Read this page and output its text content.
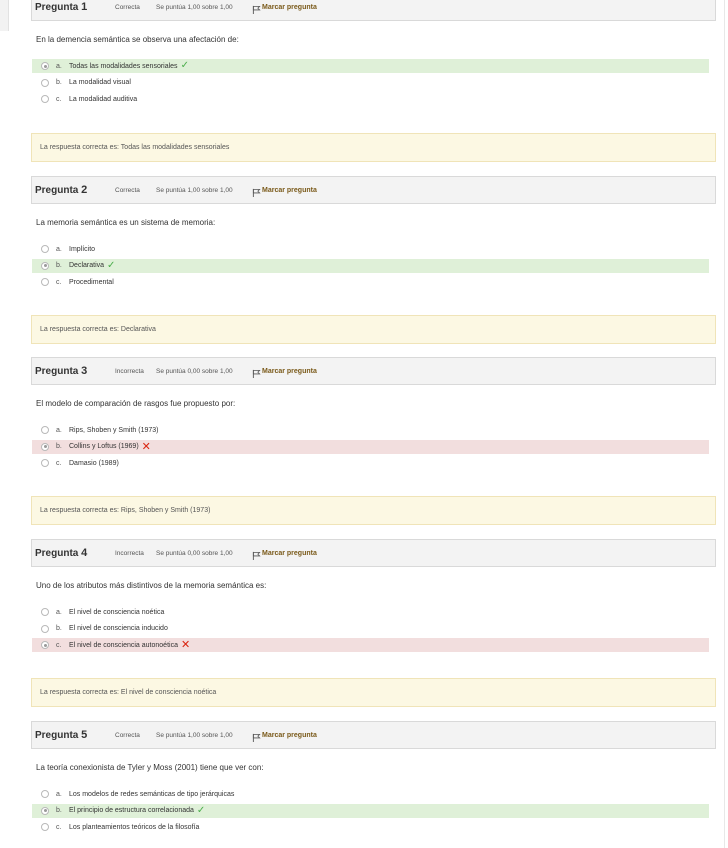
Pregunta 1	Correcta	Se puntúa 1,00 sobre 1,00	Marcar pregunta
En la demencia semántica se observa una afectación de:
a.	Todas las modalidades sensoriales ✓
b.	La modalidad visual
c.	La modalidad auditiva
La respuesta correcta es: Todas las modalidades sensoriales
Pregunta 2	Correcta	Se puntúa 1,00 sobre 1,00	Marcar pregunta
La memoria semántica es un sistema de memoria:
a.	Implícito
b.	Declarativa ✓
c.	Procedimental
La respuesta correcta es: Declarativa
Pregunta 3	Incorrecta	Se puntúa 0,00 sobre 1,00	Marcar pregunta
El modelo de comparación de rasgos fue propuesto por:
a.	Rips, Shoben y Smith (1973)
b.	Collins y Loftus (1969) ✕
c.	Damasio (1989)
La respuesta correcta es: Rips, Shoben y Smith (1973)
Pregunta 4	Incorrecta	Se puntúa 0,00 sobre 1,00	Marcar pregunta
Uno de los atributos más distintivos de la memoria semántica es:
a.	El nivel de consciencia noética
b.	El nivel de consciencia inducido
c.	El nivel de consciencia autonoética ✕
La respuesta correcta es: El nivel de consciencia noética
Pregunta 5	Correcta	Se puntúa 1,00 sobre 1,00	Marcar pregunta
La teoría conexionista de Tyler y Moss (2001) tiene que ver con:
a.	Los modelos de redes semánticas de tipo jerárquicas
b.	El principio de estructura correlacionada ✓
c.	Los planteamientos teóricos de la filosofía
